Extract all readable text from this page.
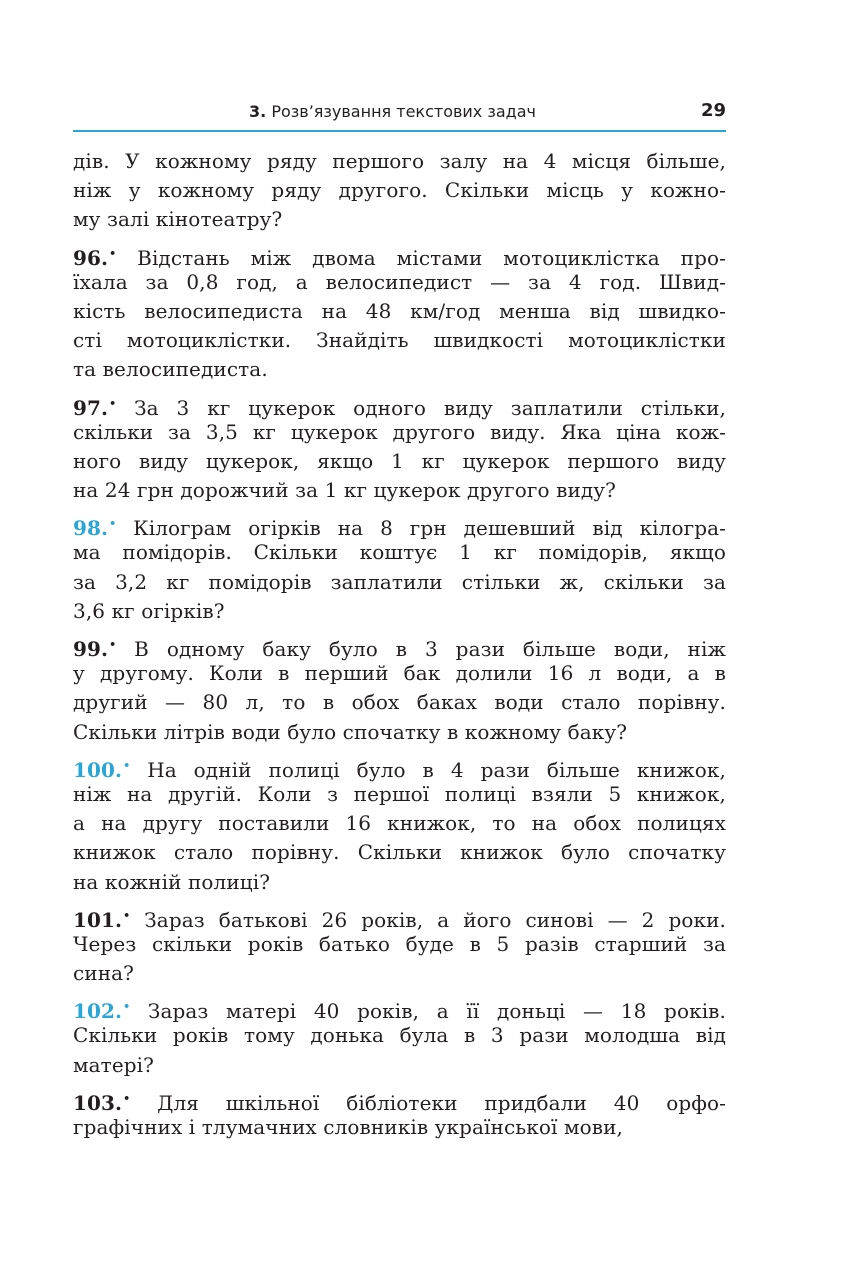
3. Розв’язування текстових задач	29
дів. У кожному ряду першого залу на 4 місця більше,
ніж у кожному ряду другого. Скільки місць у кожно-
му залі кінотеатру?
96.• Відстань між двома містами мотоциклістка про-
їхала за 0,8 год, а велосипедист — за 4 год. Швид-
кість велосипедиста на 48 км/год менша від швидко-
сті мотоциклістки. Знайдіть швидкості мотоциклістки
та велосипедиста.
97.• За 3 кг цукерок одного виду заплатили стільки,
скільки за 3,5 кг цукерок другого виду. Яка ціна кож-
ного виду цукерок, якщо 1 кг цукерок першого виду
на 24 грн дорожчий за 1 кг цукерок другого виду?
98.• Кілограм огірків на 8 грн дешевший від кілогра-
ма помідорів. Скільки коштує 1 кг помідорів, якщо
за 3,2 кг помідорів заплатили стільки ж, скільки за
3,6 кг огірків?
99.• В одному баку було в 3 рази більше води, ніж
у другому. Коли в перший бак долили 16 л води, а в
другий — 80 л, то в обох баках води стало порівну.
Скільки літрів води було спочатку в кожному баку?
100.• На одній полиці було в 4 рази більше книжок,
ніж на другій. Коли з першої полиці взяли 5 книжок,
а на другу поставили 16 книжок, то на обох полицях
книжок стало порівну. Скільки книжок було спочатку
на кожній полиці?
101.• Зараз батькові 26 років, а його синові — 2 роки.
Через скільки років батько буде в 5 разів старший за
сина?
102.• Зараз матері 40 років, а її доньці — 18 років.
Скільки років тому донька була в 3 рази молодша від
матері?
103.• Для шкільної бібліотеки придбали 40 орфо-
графічних і тлумачних словників української мови,
